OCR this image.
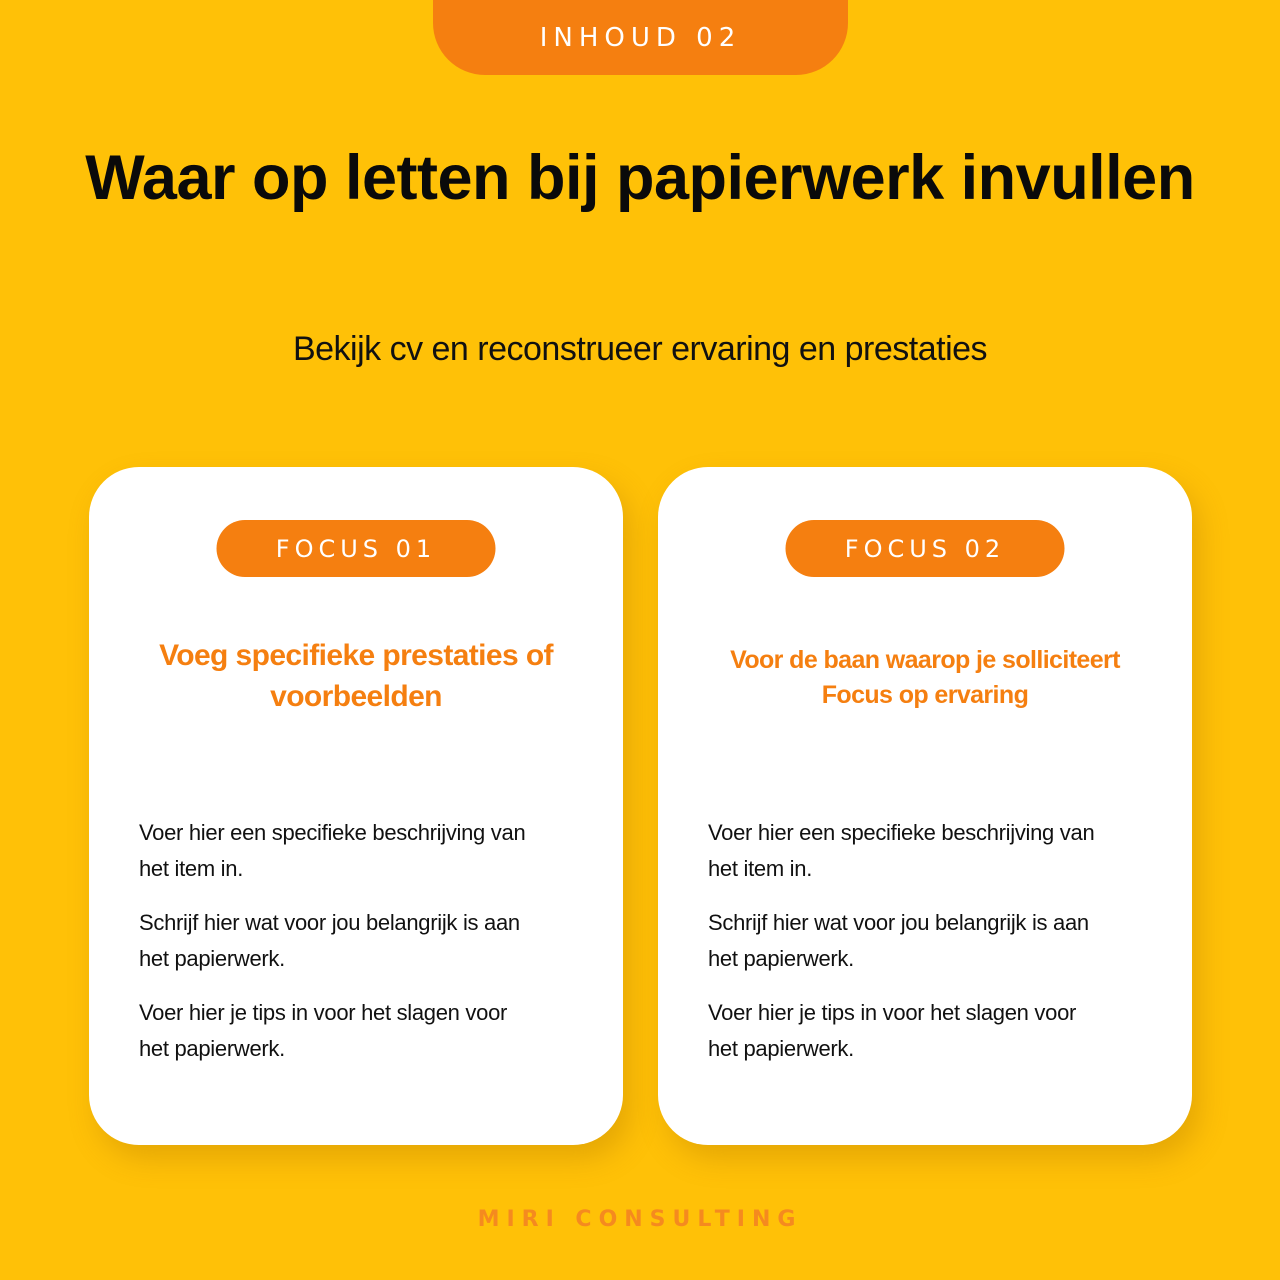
INHOUD 02
Waar op letten bij papierwerk invullen
Bekijk cv en reconstrueer ervaring en prestaties
FOCUS 01
Voeg specifieke prestaties of voorbeelden

Voer hier een specifieke beschrijving van het item in.

Schrijf hier wat voor jou belangrijk is aan het papierwerk.

Voer hier je tips in voor het slagen voor het papierwerk.

FOCUS 02
Voor de baan waarop je solliciteert
Focus op ervaring

Voer hier een specifieke beschrijving van het item in.

Schrijf hier wat voor jou belangrijk is aan het papierwerk.

Voer hier je tips in voor het slagen voor het papierwerk.

MIRI CONSULTING
